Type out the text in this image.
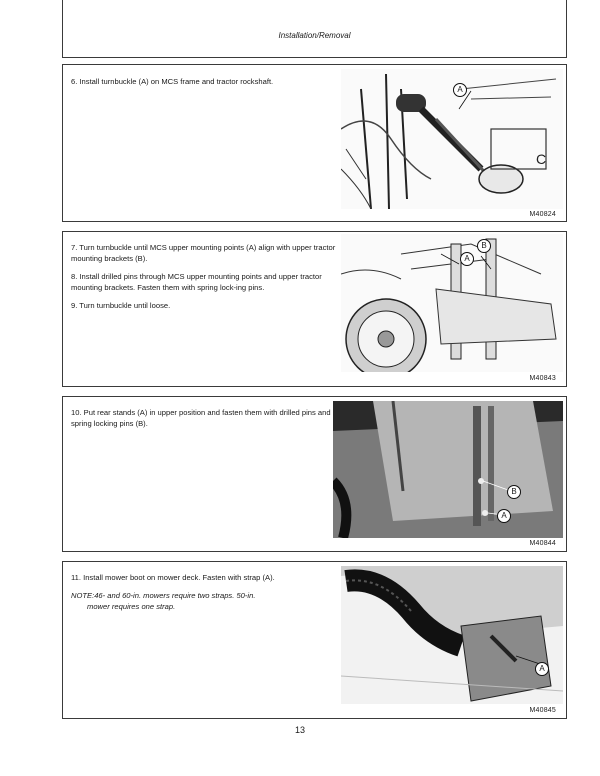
Installation/Removal

6. Install turnbuckle (A) on MCS frame and tractor rockshaft.

C
A
M40824

7. Turn turnbuckle until MCS upper mounting points (A) align with upper tractor mounting brackets (B).

8. Install drilled pins through MCS upper mounting points and upper tractor mounting brackets. Fasten them with spring lock-ing pins.

9. Turn turnbuckle until loose.

B
A
M40843

10. Put rear stands (A) in upper position and fasten them with drilled pins and spring locking pins (B).

B
A
M40844

11. Install mower boot on mower deck. Fasten with strap (A).

NOTE:46- and 60-in. mowers require two straps. 50-in.
mower requires one strap.
A
M40845
13
